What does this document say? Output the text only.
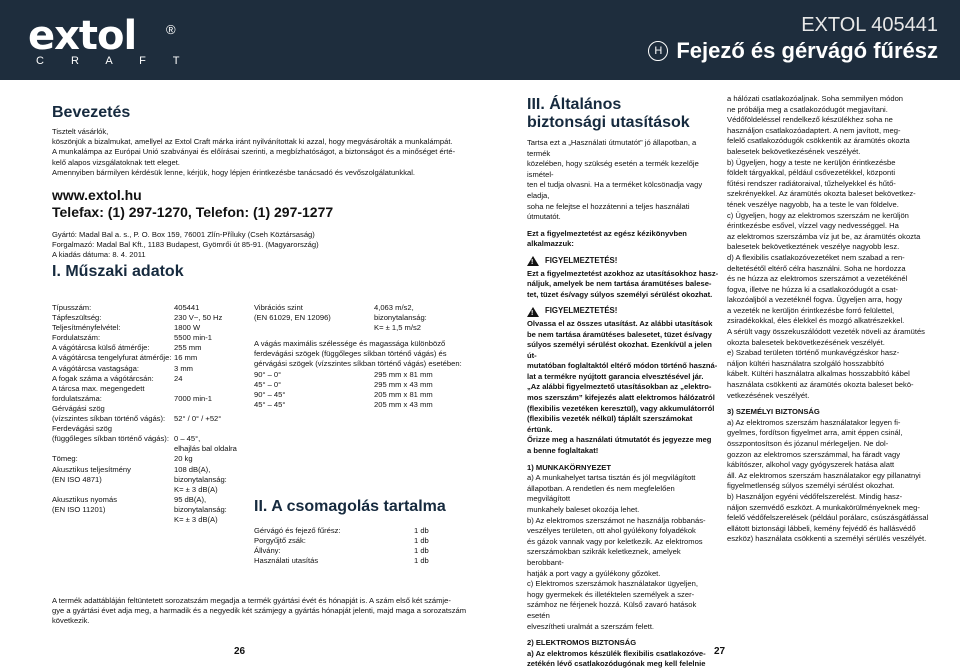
extol ®
C R A F T
EXTOL 405441
H Fejező és gérvágó fűrész

Bevezetés

Tisztelt vásárlók,

köszönjük a bizalmukat, amellyel az Extol Craft márka iránt nyilvánítottak ki azzal, hogy megvásárolták a munkalámpát.

A munkalámpa az Európai Unió szabványai és előírásai szerinti, a megbízhatóságot, a biztonságot és a minőséget érté-

kelő alapos vizsgálatoknak tett eleget.

Amennyiben bármilyen kérdésük lenne, kérjük, hogy lépjen érintkezésbe tanácsadó és vevőszolgálatunkkal.

www.extol.hu

Telefax: (1) 297-1270, Telefon: (1) 297-1277

Gyártó: Madal Bal a. s., P. O. Box 159, 76001 Zlín-Příluky (Cseh Köztársaság)

Forgalmazó: Madal Bal Kft., 1183 Budapest, Gyömrői út 85-91. (Magyarország)

A kiadás dátuma: 8. 4. 2011

I. Műszaki adatok

Típusszám:	405441
Tápfeszültség:	230 V~, 50 Hz
Teljesítményfelvétel:	1800 W
Fordulatszám:	5500 min-1
A vágótárcsa külső átmérője:	255 mm
A vágótárcsa tengelyfurat átmérője: 16 mm
A vágótárcsa vastagsága:	3 mm
A fogak száma a vágótárcsán:	24
A tárcsa max. megengedett
fordulatszáma:	7000 min-1
Gérvágási szög
(vízszintes síkban történő vágás):	52° / 0° / +52°
Ferdevágási szög
(függőleges síkban történő vágás): 0 – 45°,
elhajlás bal oldalra
Tömeg:	20 kg
Akusztikus teljesítmény	108 dB(A),
(EN ISO 4871)	bizonytalanság:
K= ± 3 dB(A)
Akusztikus nyomás	95 dB(A),
(EN ISO 11201)	bizonytalanság:
K= ± 3 dB(A)
Vibrációs szint	4,063 m/s2,
(EN 61029, EN 12096)	bizonytalanság:
K= ± 1,5 m/s2
A vágás maximális szélessége és magassága különböző
ferdevágási szögek (függőleges síkban történő vágás) és
gérvágási szögek (vízszintes síkban történő vágás) esetében:
90° – 0°	295 mm x 81 mm
45° – 0°	295 mm x 43 mm
90° – 45°	205 mm x 81 mm
45° – 45°	205 mm x 43 mm
II. A csomagolás tartalma
Gérvágó és fejező fűrész:	1 db
Porgyűjtő zsák:	1 db
Állvány:	1 db
Használati utasítás	1 db
A termék adattábláján feltüntetett sorozatszám megadja a termék gyártási évét és hónapját is. A szám első két számje-
gye a gyártási évet adja meg, a harmadik és a negyedik két számjegy a gyártás hónapját jelenti, majd maga a sorozatszám következik.
26
III. Általános
biztonsági utasítások
Tartsa ezt a „Használati útmutatót” jó állapotban, a termék
közelében, hogy szükség esetén a termék kezelője ismétel-
ten el tudja olvasni. Ha a terméket kölcsönadja vagy eladja,
soha ne felejtse el hozzátenni a teljes használati útmutatót.
Ezt a figyelmeztetést az egész kézikönyvben
alkalmazzuk:
! FIGYELMEZTETÉS!
Ezt a figyelmeztetést azokhoz az utasításokhoz hasz-
náljuk, amelyek be nem tartása áramütéses balese-
tet, tüzet és/vagy súlyos személyi sérülést okozhat.
! FIGYELMEZTETÉS!
Olvassa el az összes utasítást. Az alábbi utasítások
be nem tartása áramütéses balesetet, tüzet és/vagy
súlyos személyi sérülést okozhat. Ezenkívül a jelen út-
mutatóban foglaltaktól eltérő módon történő haszná-
lat a termékre nyújtott garancia elvesztésével jár.
„Az alábbi figyelmeztető utasításokban az „elektro-
mos szerszám” kifejezés alatt elektromos hálózatról
(flexibilis vezetéken keresztül), vagy akkumulátorról
(flexibilis vezeték nélkül) táplált szerszámokat értünk.
Őrizze meg a használati útmutatót és jegyezze meg
a benne foglaltakat!
1) MUNKAKÖRNYEZET
a) A munkahelyet tartsa tisztán és jól megvilágított
állapotban. A rendetlen és nem megfelelően megvilágított
munkahely baleset okozója lehet.
b) Az elektromos szerszámot ne használja robbanás-
veszélyes területen, ott ahol gyúlékony folyadékok
és gázok vannak vagy por keletkezik. Az elektromos
szerszámokban szikrák keletkeznek, amelyek berobbant-
hatják a port vagy a gyúlékony gőzöket.
c) Elektromos szerszámok használatakor ügyeljen,
hogy gyermekek és illetéktelen személyek a szer-
számhoz ne férjenek hozzá. Külső zavaró hatások esetén
elveszítheti uralmát a szerszám felett.
2) ELEKTROMOS BIZTONSÁG
a) Az elektromos készülék flexibilis csatlakozóve-
zetékén lévő csatlakozódugónak meg kell felelnie
a hálózati csatlakozóaljnak. Soha semmilyen módon
ne próbálja meg a csatlakozódugót megjavítani.
Védőföldeléssel rendelkező készülékhez soha ne
használjon csatlakozóadaptert. A nem javított, meg-
felelő csatlakozódugók csökkentik az áramütés okozta
balesetek bekövetkezésének veszélyét.
b) Ügyeljen, hogy a teste ne kerüljön érintkezésbe
földelt tárgyakkal, például csővezetékkel, központi
fűtési rendszer radiátoraival, tűzhelyekkel és hűtő-
szekrényekkel. Az áramütés okozta baleset bekövetkez-
tének veszélye nagyobb, ha a teste le van földelve.
c) Ügyeljen, hogy az elektromos szerszám ne kerüljön
érintkezésbe esővel, vízzel vagy nedvességgel. Ha
az elektromos szerszámba víz jut be, az áramütés okozta
balesetek bekövetkeztének veszélye nagyobb lesz.
d) A flexibilis csatlakozóvezetéket nem szabad a ren-
deltetésétől eltérő célra használni. Soha ne hordozza
és ne húzza az elektromos szerszámot a vezetékénél
fogva, illetve ne húzza ki a csatlakozódugót a csat-
lakozóaljból a vezetéknél fogva. Ügyeljen arra, hogy
a vezeték ne kerüljön érintkezésbe forró felülettel,
zsiradékokkal, éles élekkel és mozgó alkatrészekkel.
A sérült vagy összekuszálódott vezeték növeli az áramütés
okozta balesetek bekövetkezésének veszélyét.
e) Szabad területen történő munkavégzéskor hasz-
náljon kültéri használatra szolgáló hosszabbító
kábelt. Kültéri használatra alkalmas hosszabbító kábel
használata csökkenti az áramütés okozta baleset bekö-
vetkezésének veszélyét.
3) SZEMÉLYI BIZTONSÁG
a) Az elektromos szerszám használatakor legyen fi-
gyelmes, fordítson figyelmet arra, amit éppen csinál,
összpontosítson és józanul mérlegeljen. Ne dol-
gozzon az elektromos szerszámmal, ha fáradt vagy
kábítószer, alkohol vagy gyógyszerek hatása alatt
áll. Az elektromos szerszám használatakor egy pillanatnyi
figyelmetlenség súlyos személyi sérülést okozhat.
b) Használjon egyéni védőfelszerelést. Mindig hasz-
náljon szemvédő eszközt. A munkakörülményeknek meg-
felelő védőfelszerelések (például porálarc, csúszásgátlással
ellátott biztonsági lábbeli, kemény fejvédő és hallásvédő
eszköz) használata csökkenti a személyi sérülés veszélyét.
27
